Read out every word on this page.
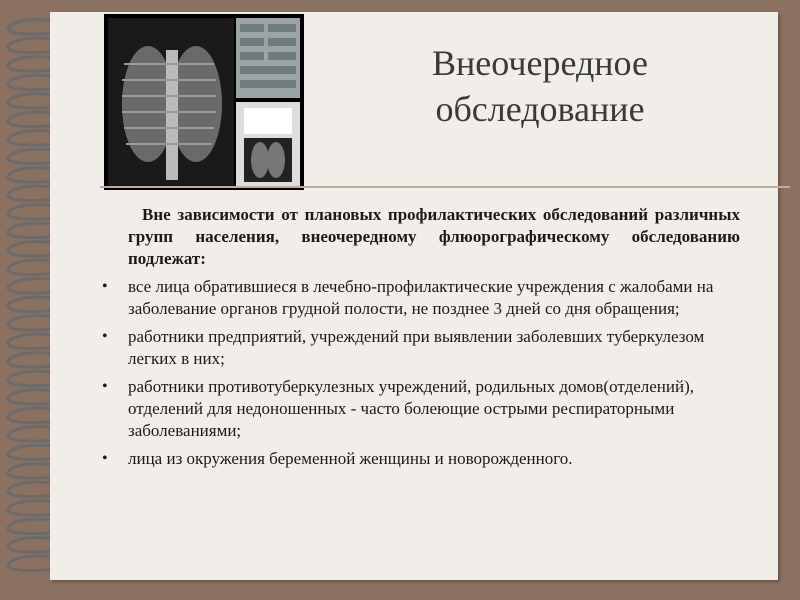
Внеочередное
обследование

Вне зависимости от плановых профилактических обследований различных групп населения, внеочередному флюорографическому обследованию подлежат:

• все лица обратившиеся в лечебно-профилактические учреждения с жалобами на заболевание органов грудной полости, не позднее 3 дней со дня обращения;
• работники предприятий, учреждений при выявлении заболевших туберкулезом легких в них;
• работники противотуберкулезных учреждений, родильных домов(отделений), отделений для недоношенных - часто болеющие острыми респираторными заболеваниями;
• лица из окружения беременной женщины и новорожденного.
